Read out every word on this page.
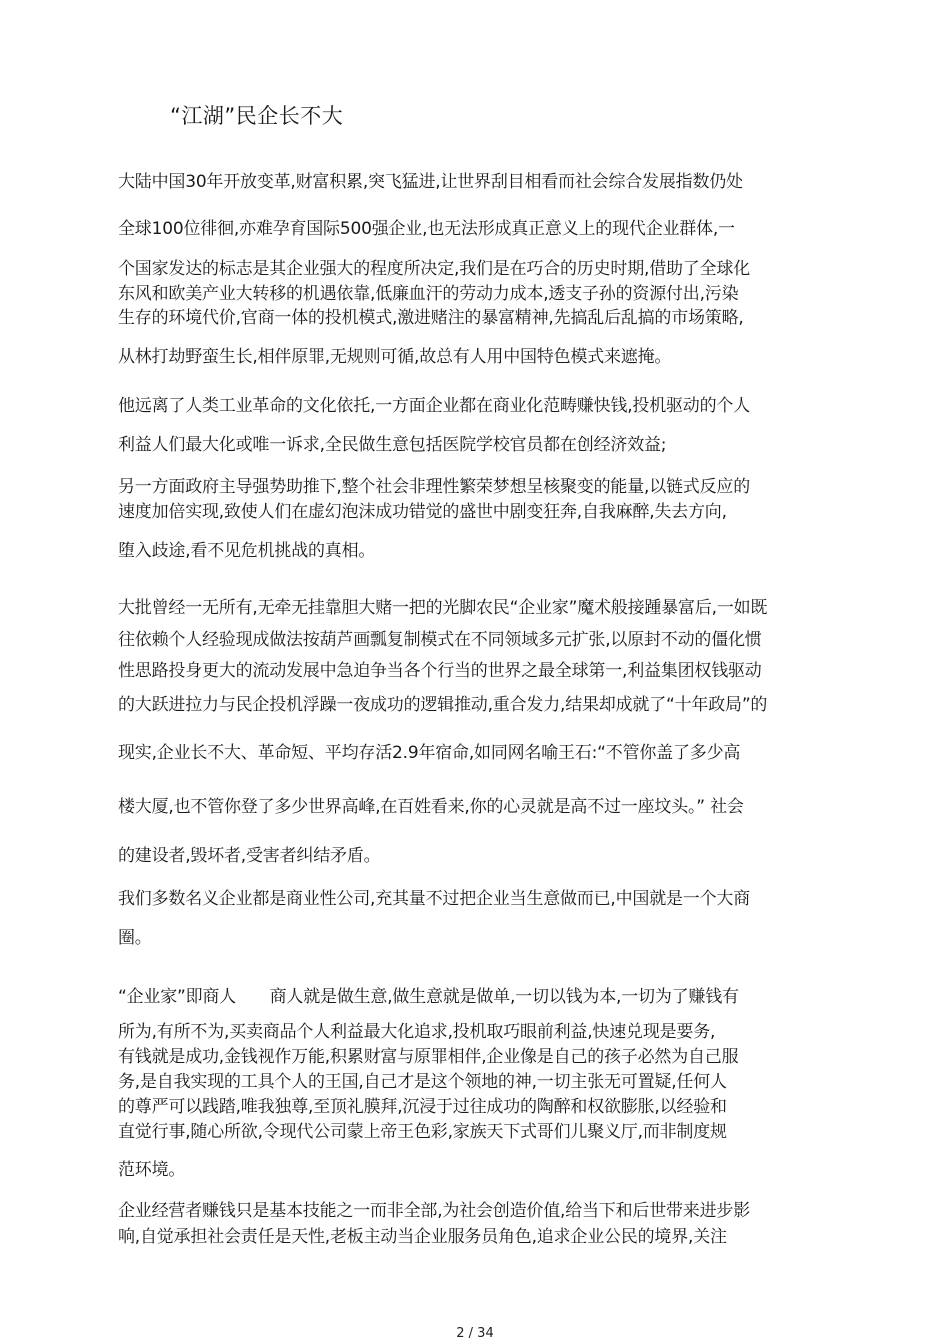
“江湖”民企长不大
大陆中国30年开放变革,财富积累,突飞猛进,让世界刮目相看而社会综合发展指数仍处
全球100位徘徊,亦难孕育国际500强企业,也无法形成真正意义上的现代企业群体,一
个国家发达的标志是其企业强大的程度所决定,我们是在巧合的历史时期,借助了全球化
东风和欧美产业大转移的机遇依靠,低廉血汗的劳动力成本,透支子孙的资源付出,污染
生存的环境代价,官商一体的投机模式,激进赌注的暴富精神,先搞乱后乱搞的市场策略,
从林打劫野蛮生长,相伴原罪,无规则可循,故总有人用中国特色模式来遮掩。
他远离了人类工业革命的文化依托,一方面企业都在商业化范畴赚快钱,投机驱动的个人
利益人们最大化或唯一诉求,全民做生意包括医院学校官员都在创经济效益;
另一方面政府主导强势助推下,整个社会非理性繁荣梦想呈核聚变的能量,以链式反应的
速度加倍实现,致使人们在虚幻泡沫成功错觉的盛世中剧变狂奔,自我麻醉,失去方向,
堕入歧途,看不见危机挑战的真相。
大批曾经一无所有,无牵无挂靠胆大赌一把的光脚农民“企业家”魔术般接踵暴富后,一如既
往依赖个人经验现成做法按葫芦画瓢复制模式在不同领域多元扩张,以原封不动的僵化惯
性思路投身更大的流动发展中急迫争当各个行当的世界之最全球第一,利益集团权钱驱动
的大跃进拉力与民企投机浮躁一夜成功的逻辑推动,重合发力,结果却成就了“十年政局”的
现实,企业长不大、革命短、平均存活2.9年宿命,如同网名喻王石:“不管你盖了多少高
楼大厦,也不管你登了多少世界高峰,在百姓看来,你的心灵就是高不过一座坟头。” 社会
的建设者,毁坏者,受害者纠结矛盾。
我们多数名义企业都是商业性公司,充其量不过把企业当生意做而已,中国就是一个大商
圈。
“企业家”即商人　　商人就是做生意,做生意就是做单,一切以钱为本,一切为了赚钱有
所为,有所不为,买卖商品个人利益最大化追求,投机取巧眼前利益,快速兑现是要务,
有钱就是成功,金钱视作万能,积累财富与原罪相伴,企业像是自己的孩子必然为自己服
务,是自我实现的工具个人的王国,自己才是这个领地的神,一切主张无可置疑,任何人
的尊严可以践踏,唯我独尊,至顶礼膜拜,沉浸于过往成功的陶醉和权欲膨胀,以经验和
直觉行事,随心所欲,令现代公司蒙上帝王色彩,家族天下式哥们儿聚义厅,而非制度规
范环境。
企业经营者赚钱只是基本技能之一而非全部,为社会创造价值,给当下和后世带来进步影
响,自觉承担社会责任是天性,老板主动当企业服务员角色,追求企业公民的境界,关注
2 / 34
